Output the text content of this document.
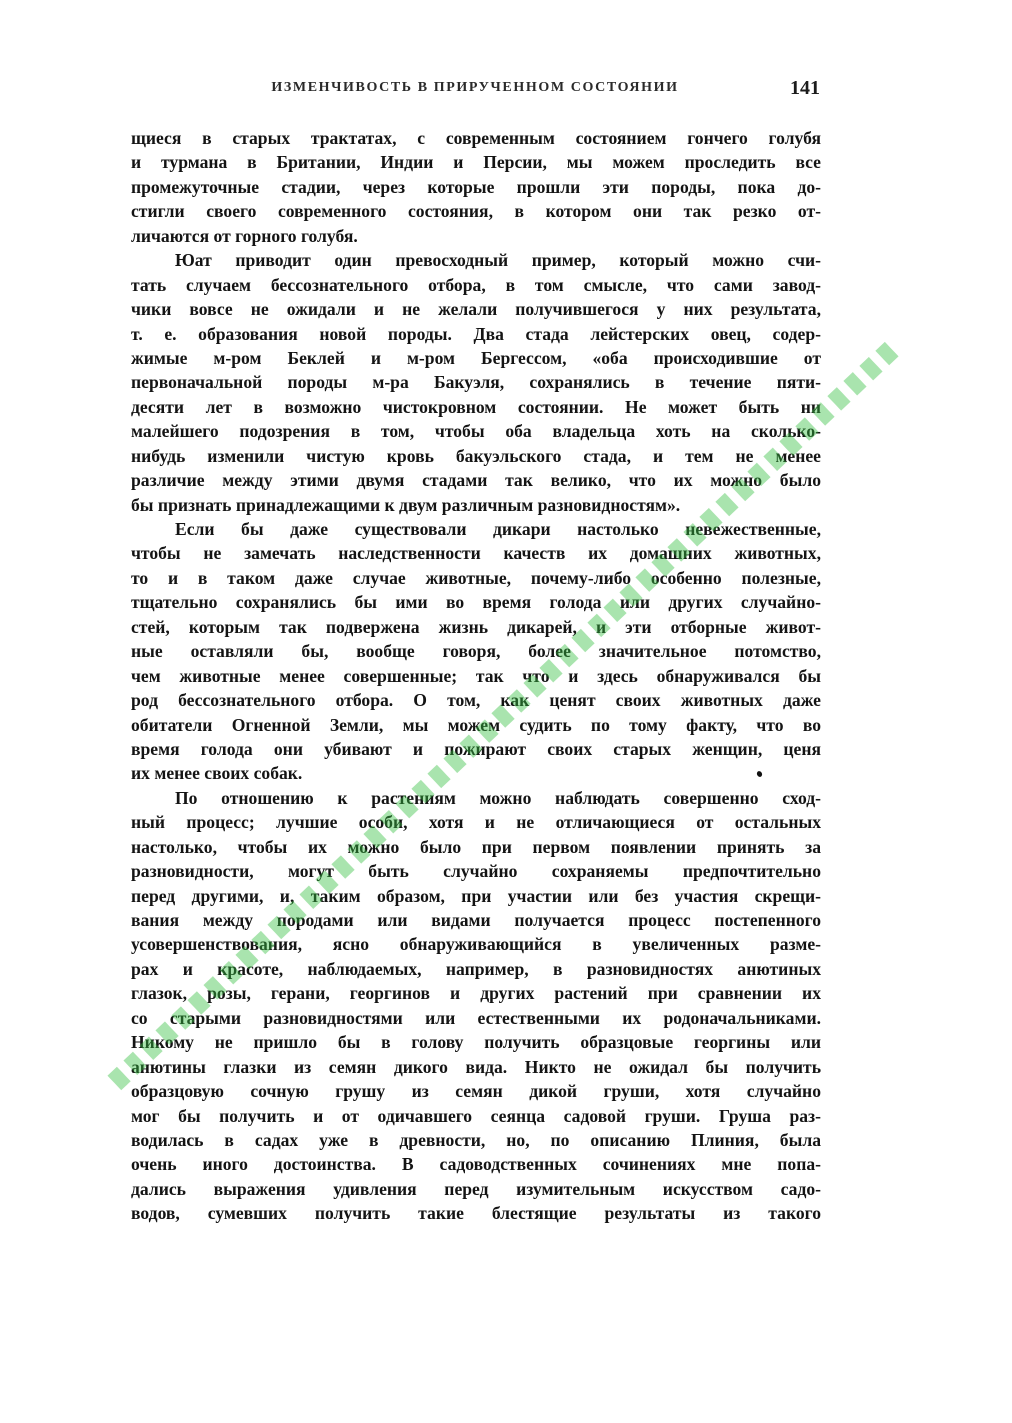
ИЗМЕНЧИВОСТЬ В ПРИРУЧЕННОМ СОСТОЯНИИ	141
щиеся в старых трактатах, с современным состоянием гончего голубя
и турмана в Британии, Индии и Персии, мы можем проследить все
промежуточные стадии, через которые прошли эти породы, пока до-
стигли своего современного состояния, в котором они так резко от-
личаются от горного голубя.
Юат приводит один превосходный пример, который можно счи-
тать случаем бессознательного отбора, в том смысле, что сами завод-
чики вовсе не ожидали и не желали получившегося у них результата,
т. е. образования новой породы. Два стада лейстерских овец, содер-
жимые м-ром Беклей и м-ром Бергессом, «оба происходившие от
первоначальной породы м-ра Бакуэля, сохранялись в течение пяти-
десяти лет в возможно чистокровном состоянии. Не может быть ни
малейшего подозрения в том, чтобы оба владельца хоть на сколько-
нибудь изменили чистую кровь бакуэльского стада, и тем не менее
различие между этими двумя стадами так велико, что их можно было
бы признать принадлежащими к двум различным разновидностям».
Если бы даже существовали дикари настолько невежественные,
чтобы не замечать наследственности качеств их домашних животных,
то и в таком даже случае животные, почему-либо особенно полезные,
тщательно сохранялись бы ими во время голода или других случайно-
стей, которым так подвержена жизнь дикарей, и эти отборные живот-
ные оставляли бы, вообще говоря, более значительное потомство,
чем животные менее совершенные; так что и здесь обнаруживался бы
род бессознательного отбора. О том, как ценят своих животных даже
обитатели Огненной Земли, мы можем судить по тому факту, что во
время голода они убивают и пожирают своих старых женщин, ценя
их менее своих собак.
По отношению к растениям можно наблюдать совершенно сход-
ный процесс; лучшие особи, хотя и не отличающиеся от остальных
настолько, чтобы их можно было при первом появлении принять за
разновидности, могут быть случайно сохраняемы предпочтительно
перед другими, и, таким образом, при участии или без участия скрещи-
вания между породами или видами получается процесс постепенного
усовершенствования, ясно обнаруживающийся в увеличенных разме-
рах и красоте, наблюдаемых, например, в разновидностях анютиных
глазок, розы, герани, георгинов и других растений при сравнении их
со старыми разновидностями или естественными их родоначальниками.
Никому не пришло бы в голову получить образцовые георгины или
анютины глазки из семян дикого вида. Никто не ожидал бы получить
образцовую сочную грушу из семян дикой груши, хотя случайно
мог бы получить и от одичавшего сеянца садовой груши. Груша раз-
водилась в садах уже в древности, но, по описанию Плиния, была
очень иного достоинства. В садоводственных сочинениях мне попа-
дались выражения удивления перед изумительным искусством садо-
водов, сумевших получить такие блестящие результаты из такого
